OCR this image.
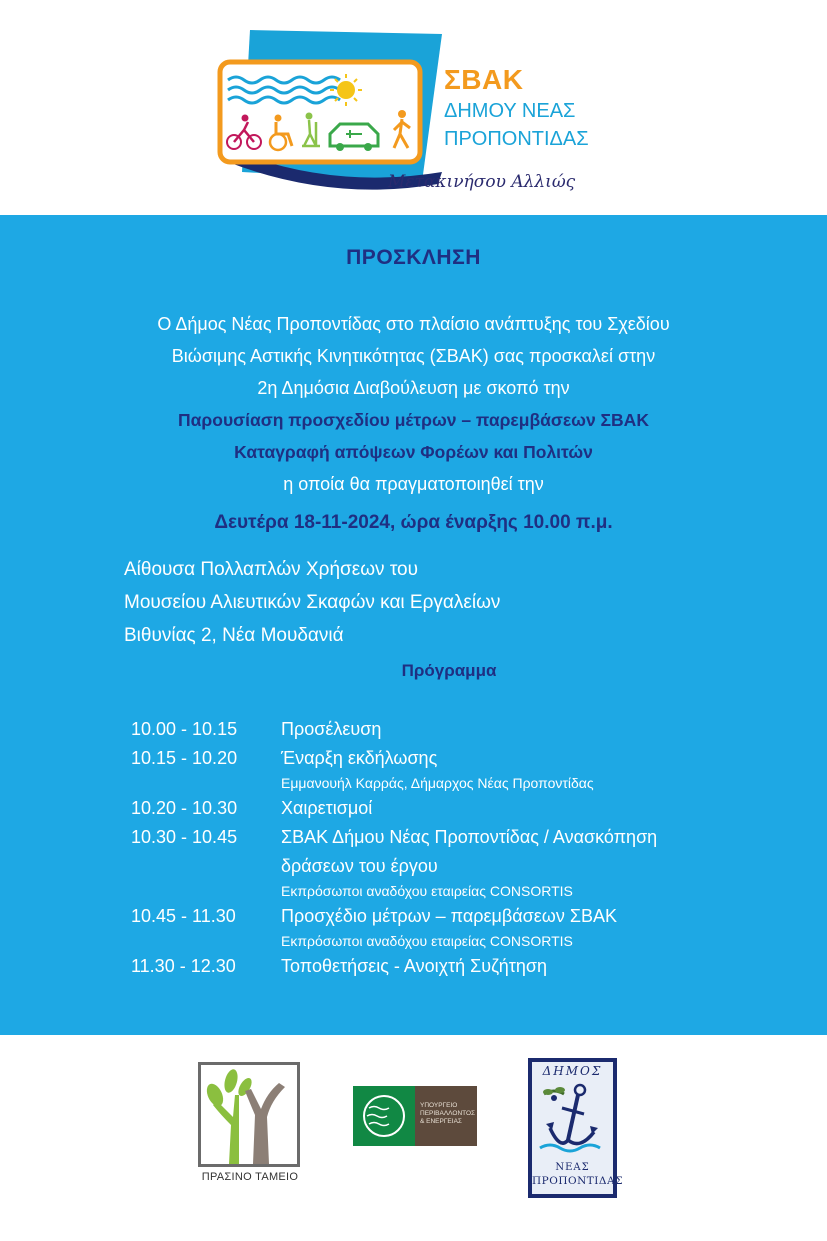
ΣΒΑΚ
ΔΗΜΟΥ ΝΕΑΣ
ΠΡΟΠΟΝΤΙΔΑΣ
Μετακινήσου Αλλιώς
ΠΡΟΣΚΛΗΣΗ
Ο Δήμος Νέας Προποντίδας στο πλαίσιο ανάπτυξης του Σχεδίου
Βιώσιμης Αστικής Κινητικότητας (ΣΒΑΚ) σας προσκαλεί στην
2η Δημόσια Διαβούλευση με σκοπό την
Παρουσίαση προσχεδίου μέτρων – παρεμβάσεων ΣΒΑΚ
Καταγραφή απόψεων Φορέων και Πολιτών
η οποία θα πραγματοποιηθεί την
Δευτέρα 18-11-2024, ώρα έναρξης 10.00 π.μ.
Αίθουσα Πολλαπλών Χρήσεων του
Μουσείου Αλιευτικών Σκαφών και Εργαλείων
Βιθυνίας 2, Νέα Μουδανιά
Πρόγραμμα
10.00 - 10.15	Προσέλευση
10.15 - 10.20	Έναρξη εκδήλωσης
Εμμανουήλ Καρράς, Δήμαρχος Νέας Προποντίδας
10.20 - 10.30	Χαιρετισμοί
10.30 - 10.45	ΣΒΑΚ Δήμου Νέας Προποντίδας / Ανασκόπηση
δράσεων του έργου
Εκπρόσωποι αναδόχου εταιρείας CONSORTIS
10.45 - 11.30	Προσχέδιο μέτρων – παρεμβάσεων ΣΒΑΚ
Εκπρόσωποι αναδόχου εταιρείας CONSORTIS
11.30 - 12.30	Τοποθετήσεις - Ανοιχτή Συζήτηση
ΠΡΑΣΙΝΟ ΤΑΜΕΙΟ
ΥΠΟΥΡΓΕΙΟ ΠΕΡΙΒΑΛΛΟΝΤΟΣ & ΕΝΕΡΓΕΙΑΣ
ΔΗΜΟΣ
ΝΕΑΣ
ΠΡΟΠΟΝΤΙΔΑΣ
